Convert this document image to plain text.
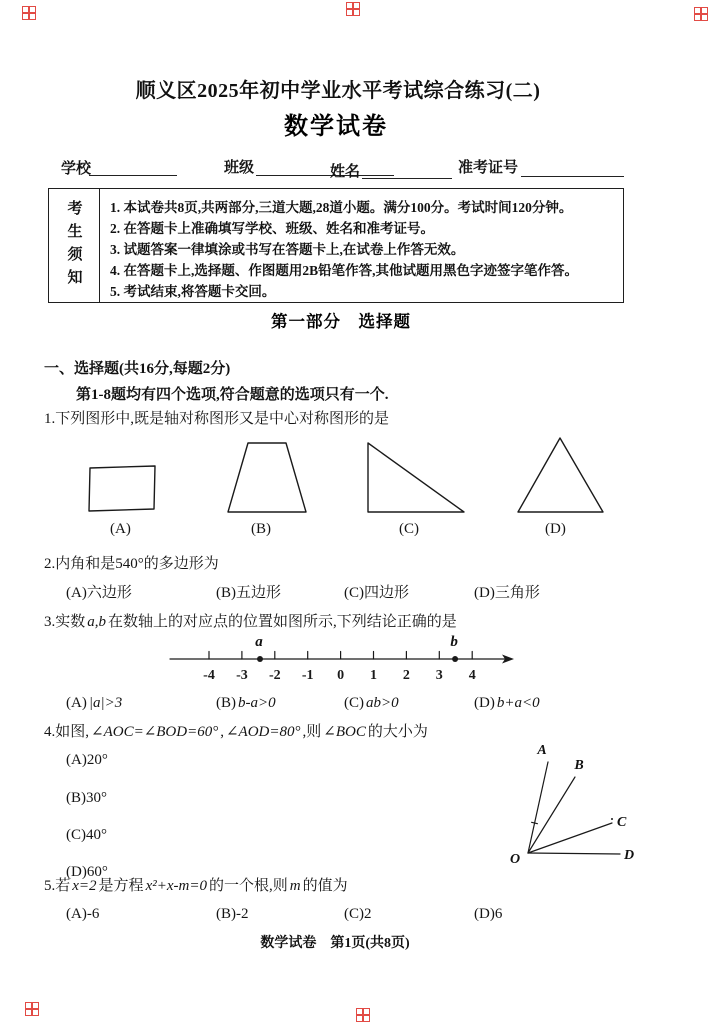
顺义区2025年初中学业水平考试综合练习(二)
数学试卷
学校	班级	姓名	准考证号
考生须知	1. 本试卷共8页,共两部分,三道大题,28道小题。满分100分。考试时间120分钟。
2. 在答题卡上准确填写学校、班级、姓名和准考证号。
3. 试题答案一律填涂或书写在答题卡上,在试卷上作答无效。
4. 在答题卡上,选择题、作图题用2B铅笔作答,其他试题用黑色字迹签字笔作答。
5. 考试结束,将答题卡交回。
第一部分　选择题
一、选择题(共16分,每题2分)
第1-8题均有四个选项,符合题意的选项只有一个.
1.下列图形中,既是轴对称图形又是中心对称图形的是
(A)	(B)	(C)	(D)
2.内角和是540°的多边形为
(A)六边形	(B)五边形	(C)四边形	(D)三角形
3.实数 a,b 在数轴上的对应点的位置如图所示,下列结论正确的是
-4 -3 -2 -1 0 1 2 3 4
a	b
(A) |a|>3	(B) b-a>0	(C) ab>0	(D) b+a<0
4.如图, ∠AOC=∠BOD=60° , ∠AOD=80° ,则 ∠BOC 的大小为
(A)20°
(B)30°
(C)40°
(D)60°
A
B
C
D
O
5.若 x=2 是方程 x²+x-m=0 的一个根,则 m 的值为
(A)-6	(B)-2	(C)2	(D)6
数学试卷　第1页(共8页)
